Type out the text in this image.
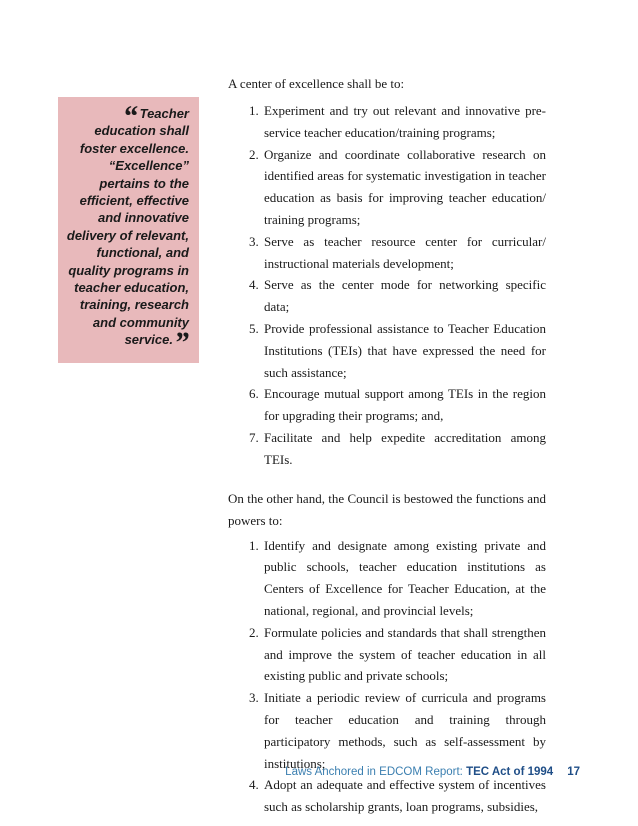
“ Teacher education shall foster excellence. “Excellence” pertains to the efficient, effective and innovative delivery of relevant, functional, and quality programs in teacher education, training, research and community service.”

A center of excellence shall be to:

1. Experiment and try out relevant and innovative pre-service teacher education/training programs;
2. Organize and coordinate collaborative research on identified areas for systematic investigation in teacher education as basis for improving teacher education/ training programs;
3. Serve as teacher resource center for curricular/ instructional materials development;
4. Serve as the center mode for networking specific data;
5. Provide professional assistance to Teacher Education Institutions (TEIs) that have expressed the need for such assistance;
6. Encourage mutual support among TEIs in the region for upgrading their programs; and,
7. Facilitate and help expedite accreditation among TEIs.

On the other hand, the Council is bestowed the functions and powers to:

1. Identify and designate among existing private and public schools, teacher education institutions as Centers of Excellence for Teacher Education, at the national, regional, and provincial levels;
2. Formulate policies and standards that shall strengthen and improve the system of teacher education in all existing public and private schools;
3. Initiate a periodic review of curricula and programs for teacher education and training through participatory methods, such as self-assessment by institutions;
4. Adopt an adequate and effective system of incentives such as scholarship grants, loan programs, subsidies,
Laws Anchored in EDCOM Report: TEC Act of 1994 17
